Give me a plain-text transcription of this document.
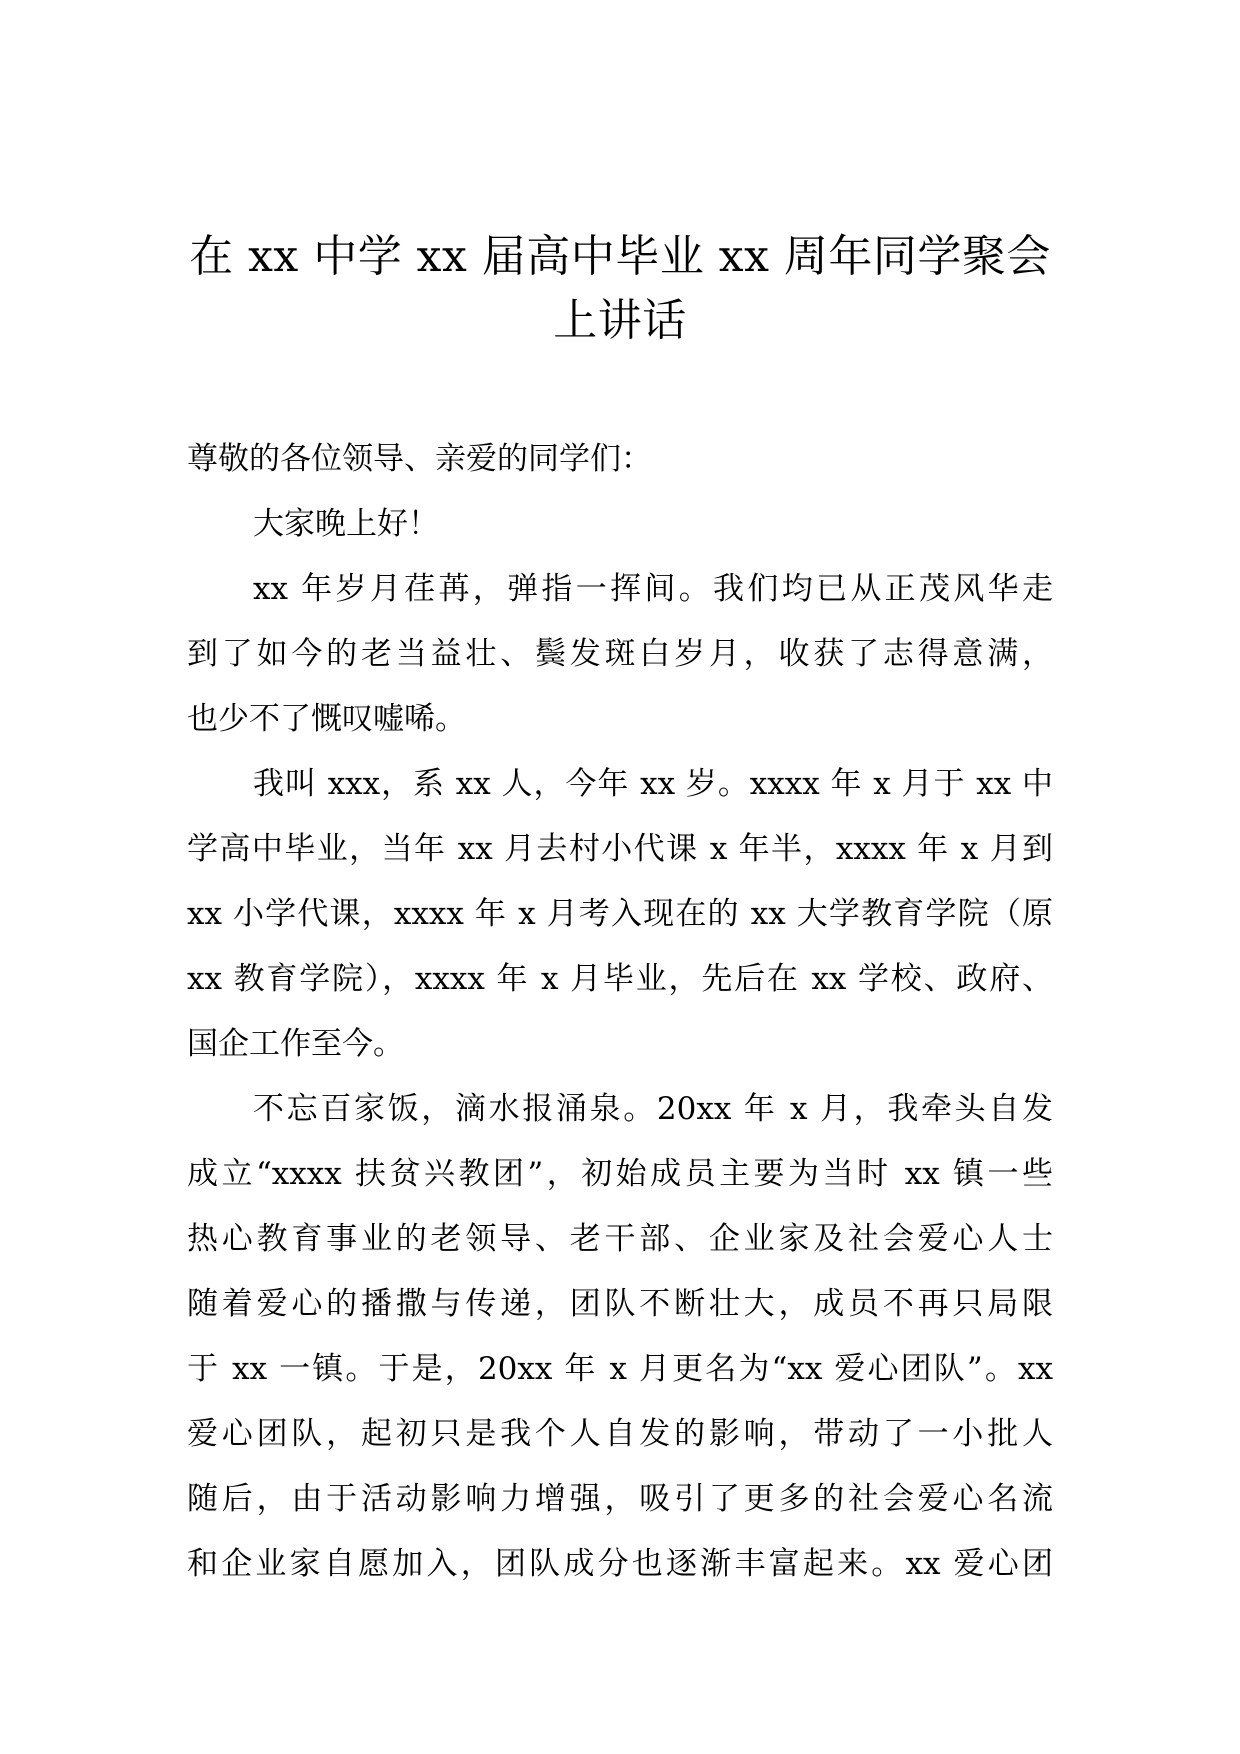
在 xx 中学 xx 届高中毕业 xx 周年同学聚会
上讲话

尊敬的各位领导、亲爱的同学们：

大家晚上好！

xx 年岁月荏苒，弹指一挥间。我们均已从正茂风华走
到了如今的老当益壮、鬓发斑白岁月，收获了志得意满，
也少不了慨叹嘘唏。

我叫 xxx，系 xx 人，今年 xx 岁。xxxx 年 x 月于 xx 中
学高中毕业，当年 xx 月去村小代课 x 年半，xxxx 年 x 月到
xx 小学代课，xxxx 年 x 月考入现在的 xx 大学教育学院（原
xx 教育学院），xxxx 年 x 月毕业，先后在 xx 学校、政府、
国企工作至今。

不忘百家饭，滴水报涌泉。20xx 年 x 月，我牵头自发
成立“xxxx 扶贫兴教团”，初始成员主要为当时 xx 镇一些
热心教育事业的老领导、老干部、企业家及社会爱心人士
随着爱心的播撒与传递，团队不断壮大，成员不再只局限
于 xx 一镇。于是，20xx 年 x 月更名为“xx 爱心团队”。xx
爱心团队，起初只是我个人自发的影响，带动了一小批人
随后，由于活动影响力增强，吸引了更多的社会爱心名流
和企业家自愿加入，团队成分也逐渐丰富起来。xx 爱心团
